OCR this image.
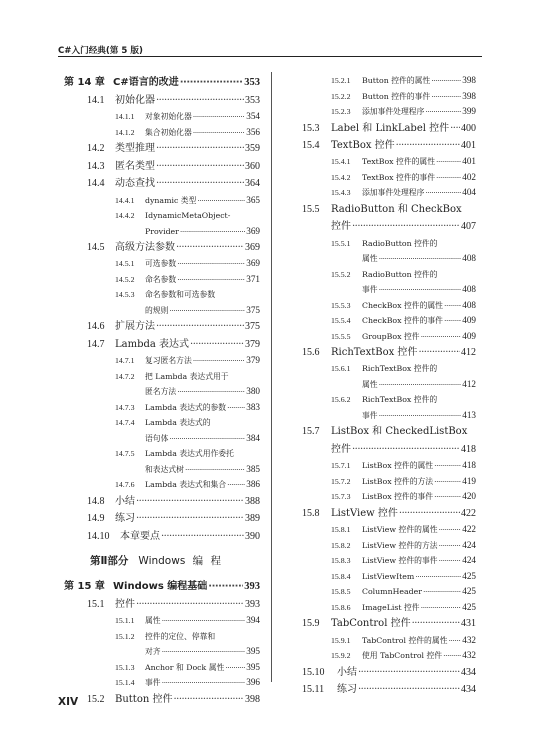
C#入门经典(第 5 版)
第 14 章 C#语言的改进 ·····	353
14.1	初始化器 ·····	353
14.1.1	对象初始化器 ·····	354
14.1.2	集合初始化器 ·····	356
14.2	类型推理 ·····	359
14.3	匿名类型 ·····	360
14.4	动态查找 ·····	364
14.4.1	dynamic 类型 ·····	365
14.4.2	IdynamicMetaObject-
Provider ·····	369
14.5	高级方法参数 ·····	369
14.5.1	可选参数 ·····	369
14.5.2	命名参数 ·····	371
14.5.3	命名参数和可选参数
的规则 ·····	375
14.6	扩展方法 ·····	375
14.7	Lambda 表达式 ·····	379
14.7.1	复习匿名方法 ·····	379
14.7.2	把 Lambda 表达式用于
匿名方法 ·····	380
14.7.3	Lambda 表达式的参数 ····· 383
14.7.4	Lambda 表达式的
语句体 ·····	384
14.7.5	Lambda 表达式用作委托
和表达式树 ·····	385
14.7.6	Lambda 表达式和集合 ····· 386
14.8	小结 ·····	388
14.9	练习 ·····	389
14.10	本章要点 ·····	390
第Ⅱ部分 Windows 编 程
第 15 章 Windows 编程基础 ·····	393
15.1	控件 ·····	393
15.1.1	属性 ·····	394
15.1.2	控件的定位、停靠和
对齐 ·····	395
15.1.3	Anchor 和 Dock 属性 ····· 395
15.1.4	事件 ·····	396
15.2	Button 控件 ·····	398
15.2.1	Button 控件的属性 ·····	398
15.2.2	Button 控件的事件 ·····	398
15.2.3	添加事件处理程序 ·····	399
15.3	Label 和 LinkLabel 控件 ····· 400
15.4	TextBox 控件 ·····	401
15.4.1	TextBox 控件的属性 ·····	401
15.4.2	TextBox 控件的事件 ·····	402
15.4.3	添加事件处理程序 ·····	404
15.5	RadioButton 和 CheckBox
控件 ·····	407
15.5.1	RadioButton 控件的
属性 ·····	408
15.5.2	RadioButton 控件的
事件 ·····	408
15.5.3	CheckBox 控件的属性 ····· 408
15.5.4	CheckBox 控件的事件 ····· 409
15.5.5	GroupBox 控件 ·····	409
15.6	RichTextBox 控件 ·····	412
15.6.1	RichTextBox 控件的
属性 ·····	412
15.6.2	RichTextBox 控件的
事件 ·····	413
15.7	ListBox 和 CheckedListBox
控件 ·····	418
15.7.1	ListBox 控件的属性 ·····	418
15.7.2	ListBox 控件的方法 ·····	419
15.7.3	ListBox 控件的事件 ·····	420
15.8	ListView 控件 ·····	422
15.8.1	ListView 控件的属性 ·····	422
15.8.2	ListView 控件的方法 ·····	424
15.8.3	ListView 控件的事件 ·····	424
15.8.4	ListViewItem ·····	425
15.8.5	ColumnHeader ·····	425
15.8.6	ImageList 控件 ·····	425
15.9	TabControl 控件 ·····	431
15.9.1	TabControl 控件的属性 ····· 432
15.9.2	使用 TabControl 控件 ····· 432
15.10	小结 ·····	434
15.11	练习 ·····	434
XIV
